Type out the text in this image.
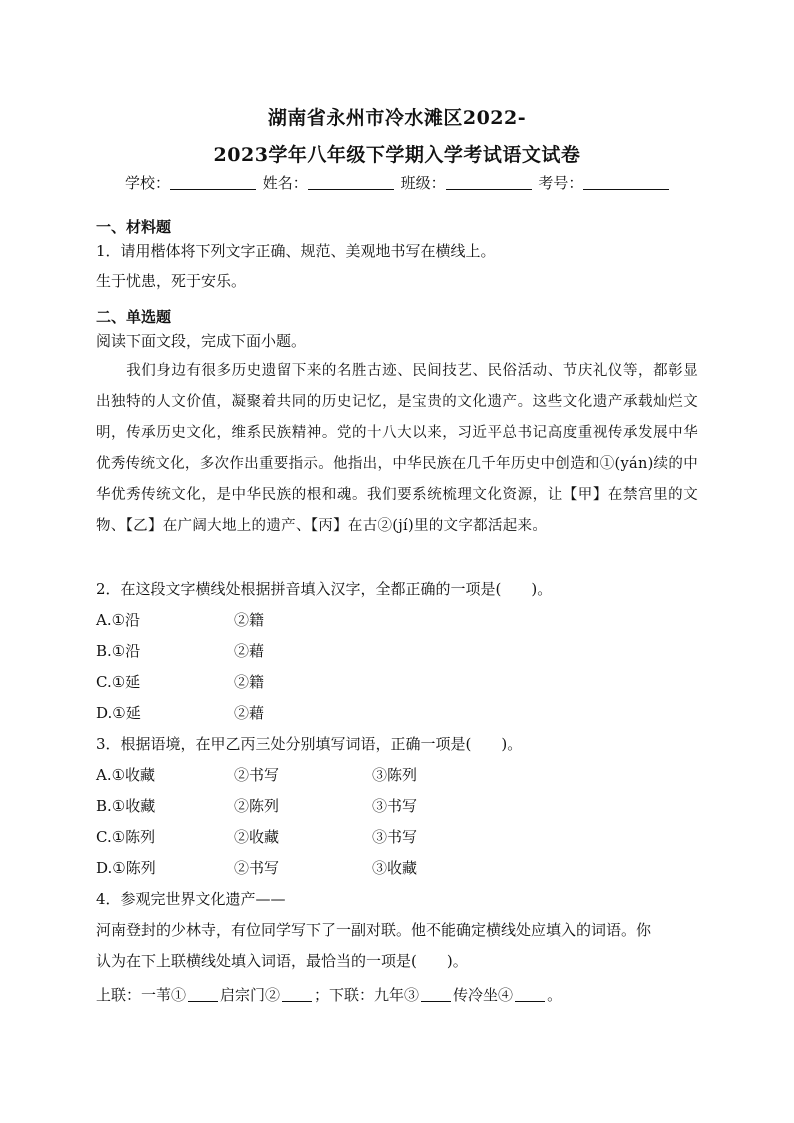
湖南省永州市冷水滩区2022-
2023学年八年级下学期入学考试语文试卷
学校：	姓名：	班级：	考号：
一、材料题
1．请用楷体将下列文字正确、规范、美观地书写在横线上。
生于忧患，死于安乐。
二、单选题
阅读下面文段，完成下面小题。
我们身边有很多历史遗留下来的名胜古迹、民间技艺、民俗活动、节庆礼仪等，都彰显出独特的人文价值，凝聚着共同的历史记忆，是宝贵的文化遗产。这些文化遗产承载灿烂文明，传承历史文化，维系民族精神。党的十八大以来，习近平总书记高度重视传承发展中华优秀传统文化，多次作出重要指示。他指出，中华民族在几千年历史中创造和①(yán)续的中华优秀传统文化，是中华民族的根和魂。我们要系统梳理文化资源，让【甲】在禁宫里的文物、【乙】在广阔大地上的遗产、【丙】在古②(jí)里的文字都活起来。
2．在这段文字横线处根据拼音填入汉字，全都正确的一项是(　　)。
A.①沿	②籍
B.①沿	②藉
C.①延	②籍
D.①延	②藉
3．根据语境，在甲乙丙三处分别填写词语，正确一项是(　　)。
A.①收藏	②书写	③陈列
B.①收藏	②陈列	③书写
C.①陈列	②收藏	③书写
D.①陈列	②书写	③收藏
4．参观完世界文化遗产——
河南登封的少林寺，有位同学写下了一副对联。他不能确定横线处应填入的词语。你
认为在下上联横线处填入词语，最恰当的一项是(　　)。
上联：一苇① 启宗门② ；下联：九年③ 传冷坐④ 。
